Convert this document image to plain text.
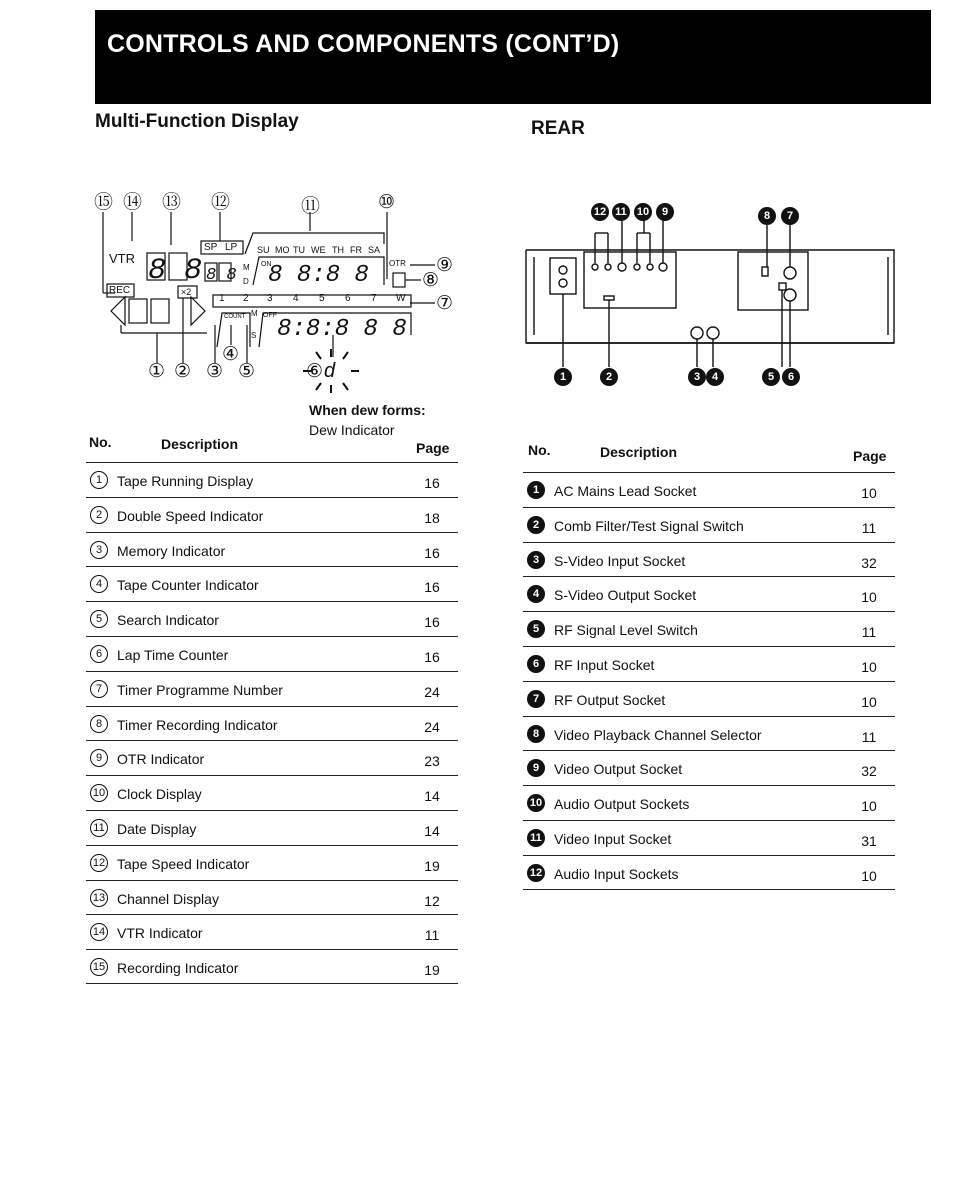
CONTROLS AND COMPONENTS (CONT’D)
Multi-Function Display	REAR
8 8 8 8 8 8:8 8
8:8:8 8 8
VTR
REC	×2
SP LP SU MO TU WE TH FR SA
OTR
M
D
ON
1 2 3 4 5 6 7 W
COUNT M OFF
S
d
⑮ ⑭ ⑬ ⑫	⑪	⑩
⑨
⑧
⑦
④
① ② ③ ⑤	⑥
When dew forms:
Dew Indicator
12 11 10	9	8	7
1	2	3	4	5	6
No.	Description	Page
1	Tape Running Display	16
2	Double Speed Indicator	18
3	Memory Indicator	16
4	Tape Counter Indicator	16
5	Search Indicator	16
6	Lap Time Counter	16
7	Timer Programme Number	24
8	Timer Recording Indicator	24
9	OTR Indicator	23
10 Clock Display	14
11 Date Display	14
12 Tape Speed Indicator	19
13 Channel Display	12
14 VTR Indicator	11
15 Recording Indicator	19
No.	Description	Page
1	AC Mains Lead Socket	10
2	Comb Filter/Test Signal Switch	11
3	S-Video Input Socket	32
4	S-Video Output Socket	10
5	RF Signal Level Switch	11
6	RF Input Socket	10
7	RF Output Socket	10
8	Video Playback Channel Selector	11
9	Video Output Socket	32
10 Audio Output Sockets	10
11 Video Input Socket	31
12 Audio Input Sockets	10
